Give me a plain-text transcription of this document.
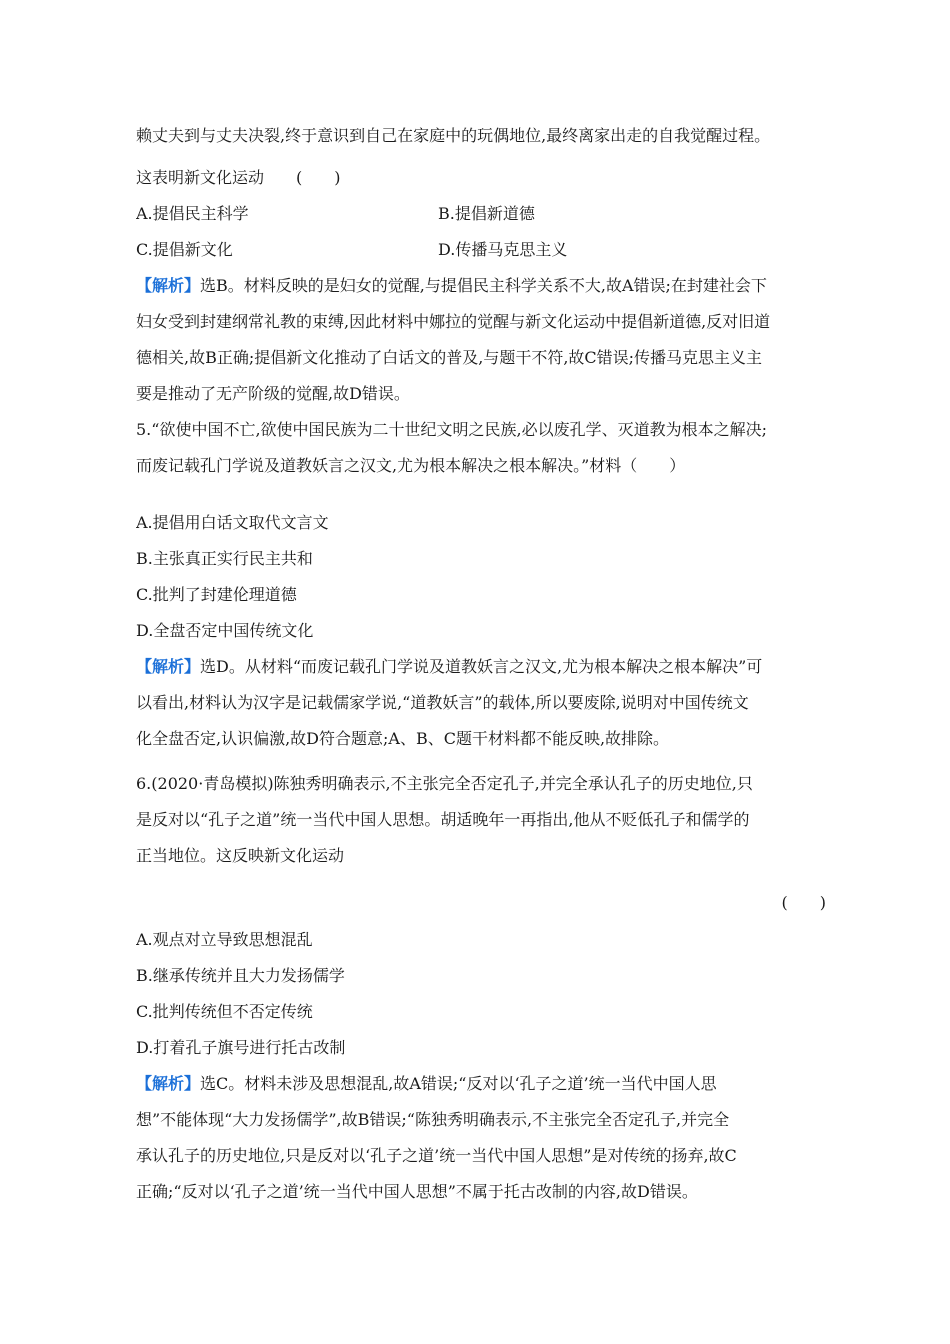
赖丈夫到与丈夫决裂,终于意识到自己在家庭中的玩偶地位,最终离家出走的自我觉醒过程。
这表明新文化运动　　(　　)
A.提倡民主科学	B.提倡新道德
C.提倡新文化	D.传播马克思主义
【解析】选B。材料反映的是妇女的觉醒,与提倡民主科学关系不大,故A错误;在封建社会下
妇女受到封建纲常礼教的束缚,因此材料中娜拉的觉醒与新文化运动中提倡新道德,反对旧道
德相关,故B正确;提倡新文化推动了白话文的普及,与题干不符,故C错误;传播马克思主义主
要是推动了无产阶级的觉醒,故D错误。
5.“欲使中国不亡,欲使中国民族为二十世纪文明之民族,必以废孔学、灭道教为根本之解决;
而废记载孔门学说及道教妖言之汉文,尤为根本解决之根本解决。”材料（　　）
A.提倡用白话文取代文言文
B.主张真正实行民主共和
C.批判了封建伦理道德
D.全盘否定中国传统文化
【解析】选D。从材料“而废记载孔门学说及道教妖言之汉文,尤为根本解决之根本解决”可
以看出,材料认为汉字是记载儒家学说,“道教妖言”的载体,所以要废除,说明对中国传统文
化全盘否定,认识偏激,故D符合题意;A、B、C题干材料都不能反映,故排除。
6.(2020·青岛模拟)陈独秀明确表示,不主张完全否定孔子,并完全承认孔子的历史地位,只
是反对以“孔子之道”统一当代中国人思想。胡适晚年一再指出,他从不贬低孔子和儒学的
正当地位。这反映新文化运动
(　　)
A.观点对立导致思想混乱
B.继承传统并且大力发扬儒学
C.批判传统但不否定传统
D.打着孔子旗号进行托古改制
【解析】选C。材料未涉及思想混乱,故A错误;“反对以‘孔子之道’统一当代中国人思
想”不能体现“大力发扬儒学”,故B错误;“陈独秀明确表示,不主张完全否定孔子,并完全
承认孔子的历史地位,只是反对以‘孔子之道’统一当代中国人思想”是对传统的扬弃,故C
正确;“反对以‘孔子之道’统一当代中国人思想”不属于托古改制的内容,故D错误。
